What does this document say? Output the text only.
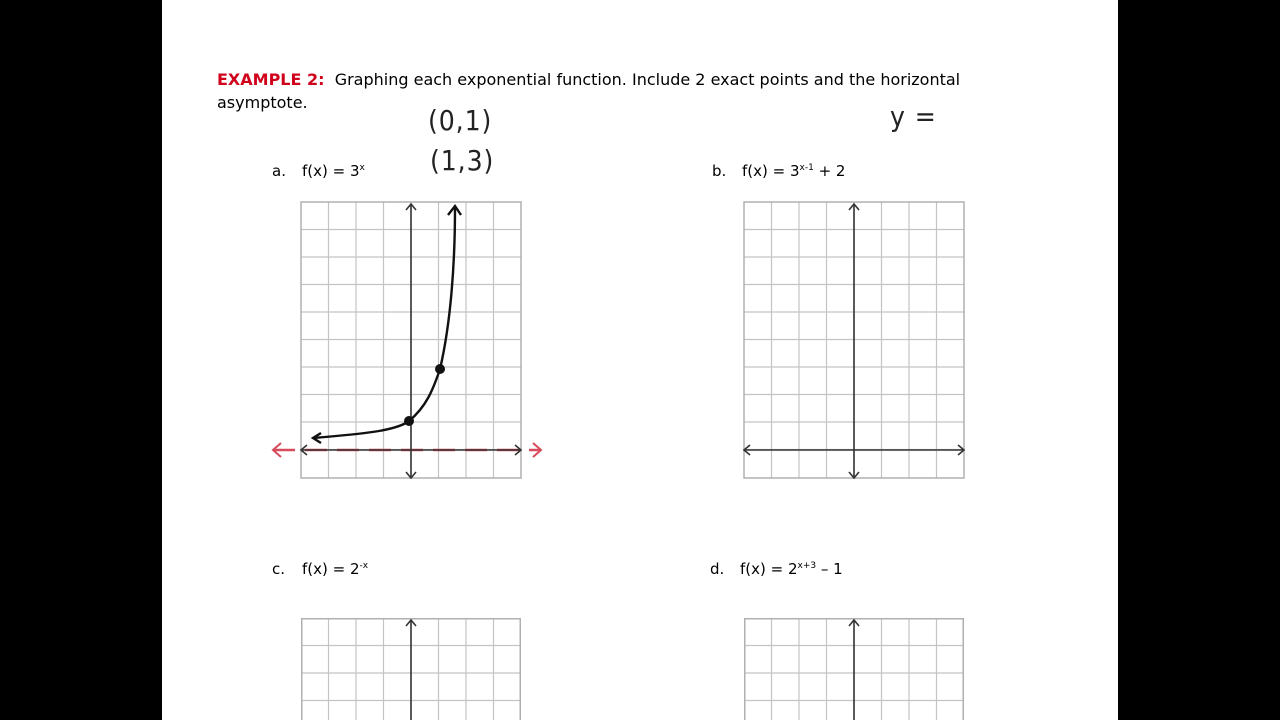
EXAMPLE 2: Graphing each exponential function. Include 2 exact points and the horizontal asymptote.
(0,1)
(1,3)
y =
a. $f(x) = 3^x$	b. $f(x) = 3^{x-1} + 2$
c. $f(x) = 2^{-x}$	d. $f(x) = 2^{x+3} - 1$
